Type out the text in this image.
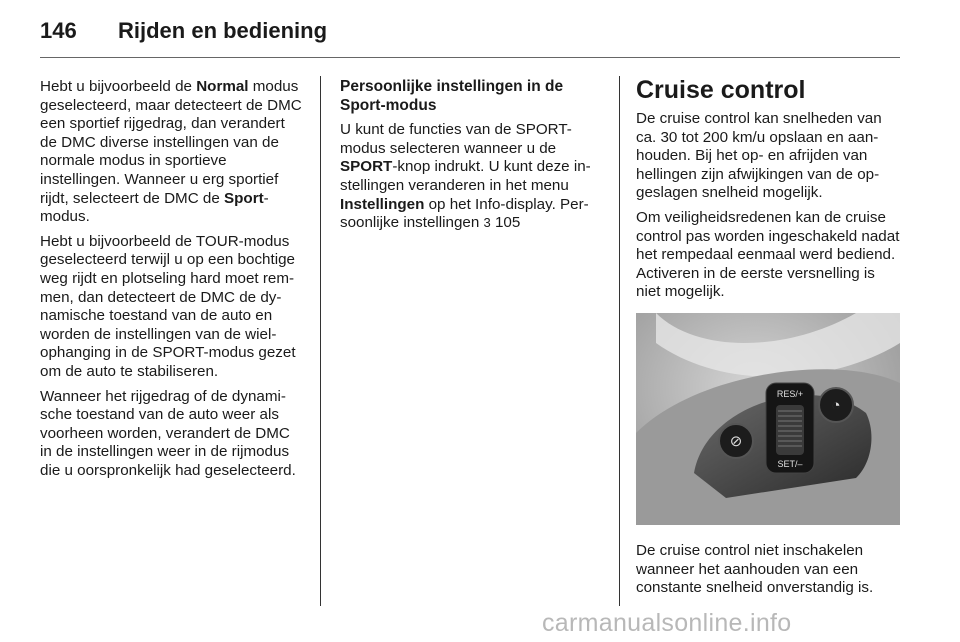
146	Rijden en bediening

Hebt u bijvoorbeeld de Normal modus geselecteerd, maar detecteert de DMC een sportief rijgedrag, dan verandert de DMC diverse instellingen van de normale modus in sportieve instellingen. Wanneer u erg sportief rijdt, selecteert de DMC de Sport-modus.

Hebt u bijvoorbeeld de TOUR-modus geselecteerd terwijl u op een bochtige weg rijdt en plotseling hard moet remmen, dan detecteert de DMC de dynamische toestand van de auto en worden de instellingen van de wielophanging in de SPORT-modus gezet om de auto te stabiliseren.

Wanneer het rijgedrag of de dynamische toestand van de auto weer als voorheen worden, verandert de DMC in de instellingen weer in de rijmodus die u oorspronkelijk had geselecteerd.

Persoonlijke instellingen in de Sport-modus

U kunt de functies van de SPORT-modus selecteren wanneer u de SPORT-knop indrukt. U kunt deze instellingen veranderen in het menu Instellingen op het Info-display. Persoonlijke instellingen 3 105

Cruise control

De cruise control kan snelheden van ca. 30 tot 200 km/u opslaan en aanhouden. Bij het op- en afrijden van hellingen zijn afwijkingen van de opgeslagen snelheid mogelijk.

Om veiligheidsredenen kan de cruise control pas worden ingeschakeld nadat het rempedaal eenmaal werd bediend. Activeren in de eerste versnelling is niet mogelijk.

⊘
◔
RES/+
SET/–
De cruise control niet inschakelen wanneer het aanhouden van een constante snelheid onverstandig is.
carmanualsonline.info
